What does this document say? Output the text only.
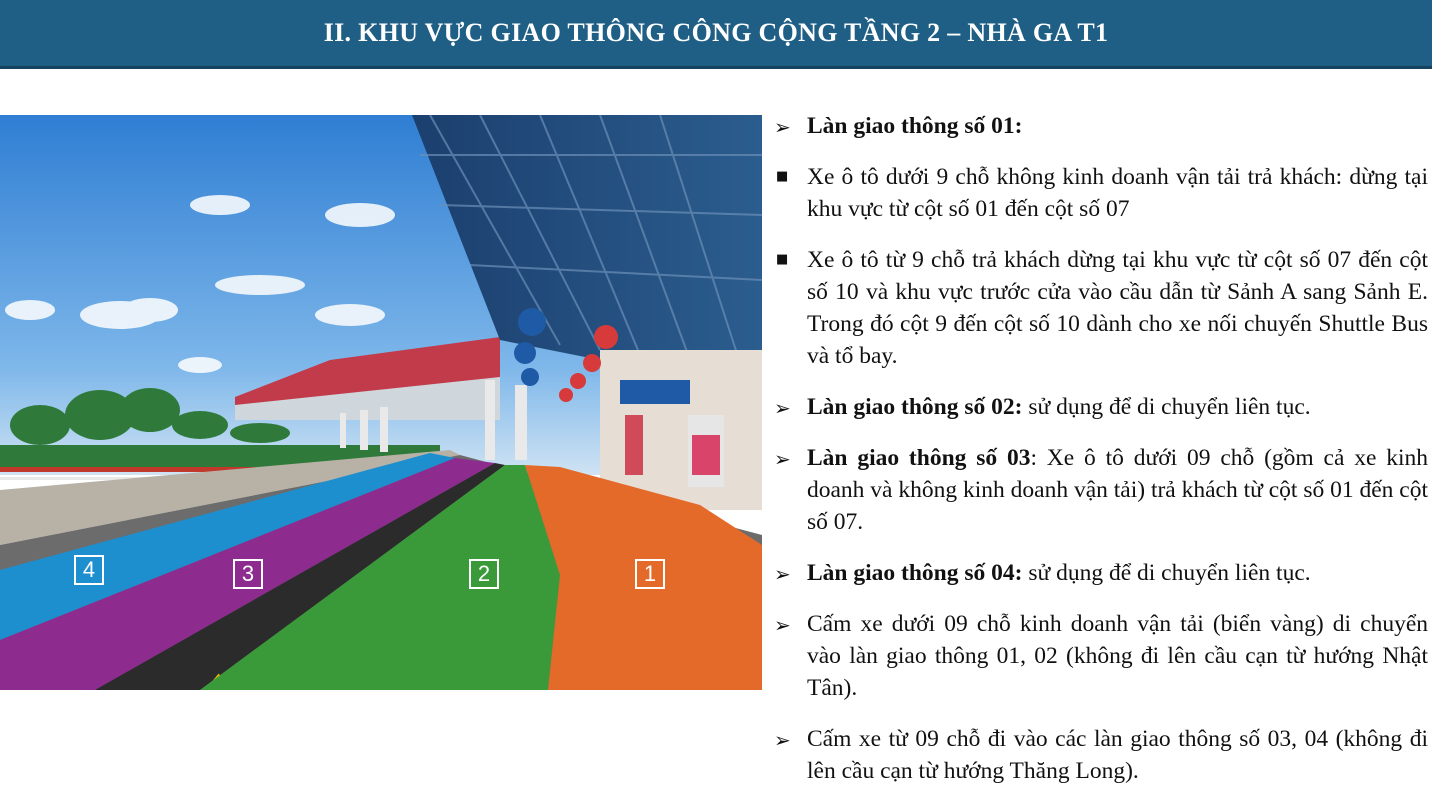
II. KHU VỰC GIAO THÔNG CÔNG CỘNG TẦNG 2 – NHÀ GA T1
4	3	2	1
➢ Làn giao thông số 01:
■ Xe ô tô dưới 9 chỗ không kinh doanh vận tải trả khách: dừng tại khu vực từ cột số 01 đến cột số 07
■ Xe ô tô từ 9 chỗ trả khách dừng tại khu vực từ cột số 07 đến cột số 10 và khu vực trước cửa vào cầu dẫn từ Sảnh A sang Sảnh E. Trong đó cột 9 đến cột số 10 dành cho xe nối chuyến Shuttle Bus và tổ bay.
➢ Làn giao thông số 02: sử dụng để di chuyển liên tục.
➢ Làn giao thông số 03: Xe ô tô dưới 09 chỗ (gồm cả xe kinh doanh và không kinh doanh vận tải) trả khách từ cột số 01 đến cột số 07.
➢ Làn giao thông số 04: sử dụng để di chuyển liên tục.
➢ Cấm xe dưới 09 chỗ kinh doanh vận tải (biển vàng) di chuyển vào làn giao thông 01, 02 (không đi lên cầu cạn từ hướng Nhật Tân).
➢ Cấm xe từ 09 chỗ đi vào các làn giao thông số 03, 04 (không đi lên cầu cạn từ hướng Thăng Long).
